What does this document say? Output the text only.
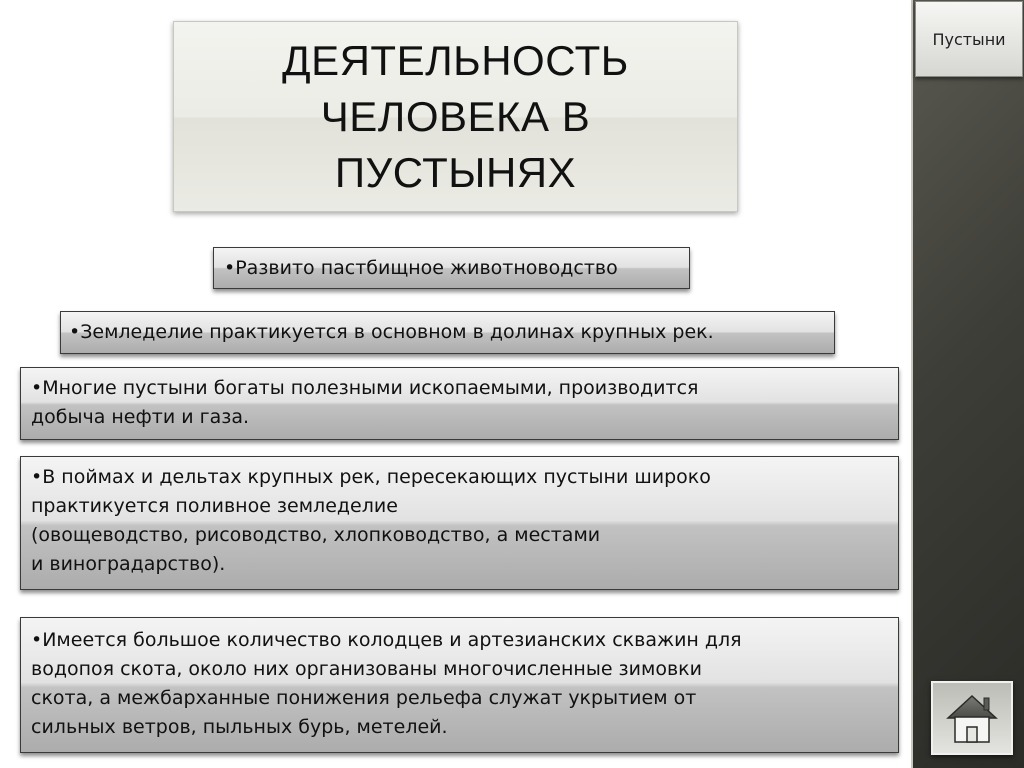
Пустыни
ДЕЯТЕЛЬНОСТЬ ЧЕЛОВЕКА В ПУСТЫНЯХ
•Развито пастбищное животноводство
•Земледелие практикуется в основном в долинах крупных рек.
•Многие пустыни богаты полезными ископаемыми, производится
добыча нефти и газа.
•В поймах и дельтах крупных рек, пересекающих пустыни широко
практикуется поливное земледелие
(овощеводство, рисоводство, хлопководство, а местами
и виноградарство).
•Имеется большое количество колодцев и артезианских скважин для
водопоя скота, около них организованы многочисленные зимовки
скота, а межбарханные понижения рельефа служат укрытием от
сильных ветров, пыльных бурь, метелей.
